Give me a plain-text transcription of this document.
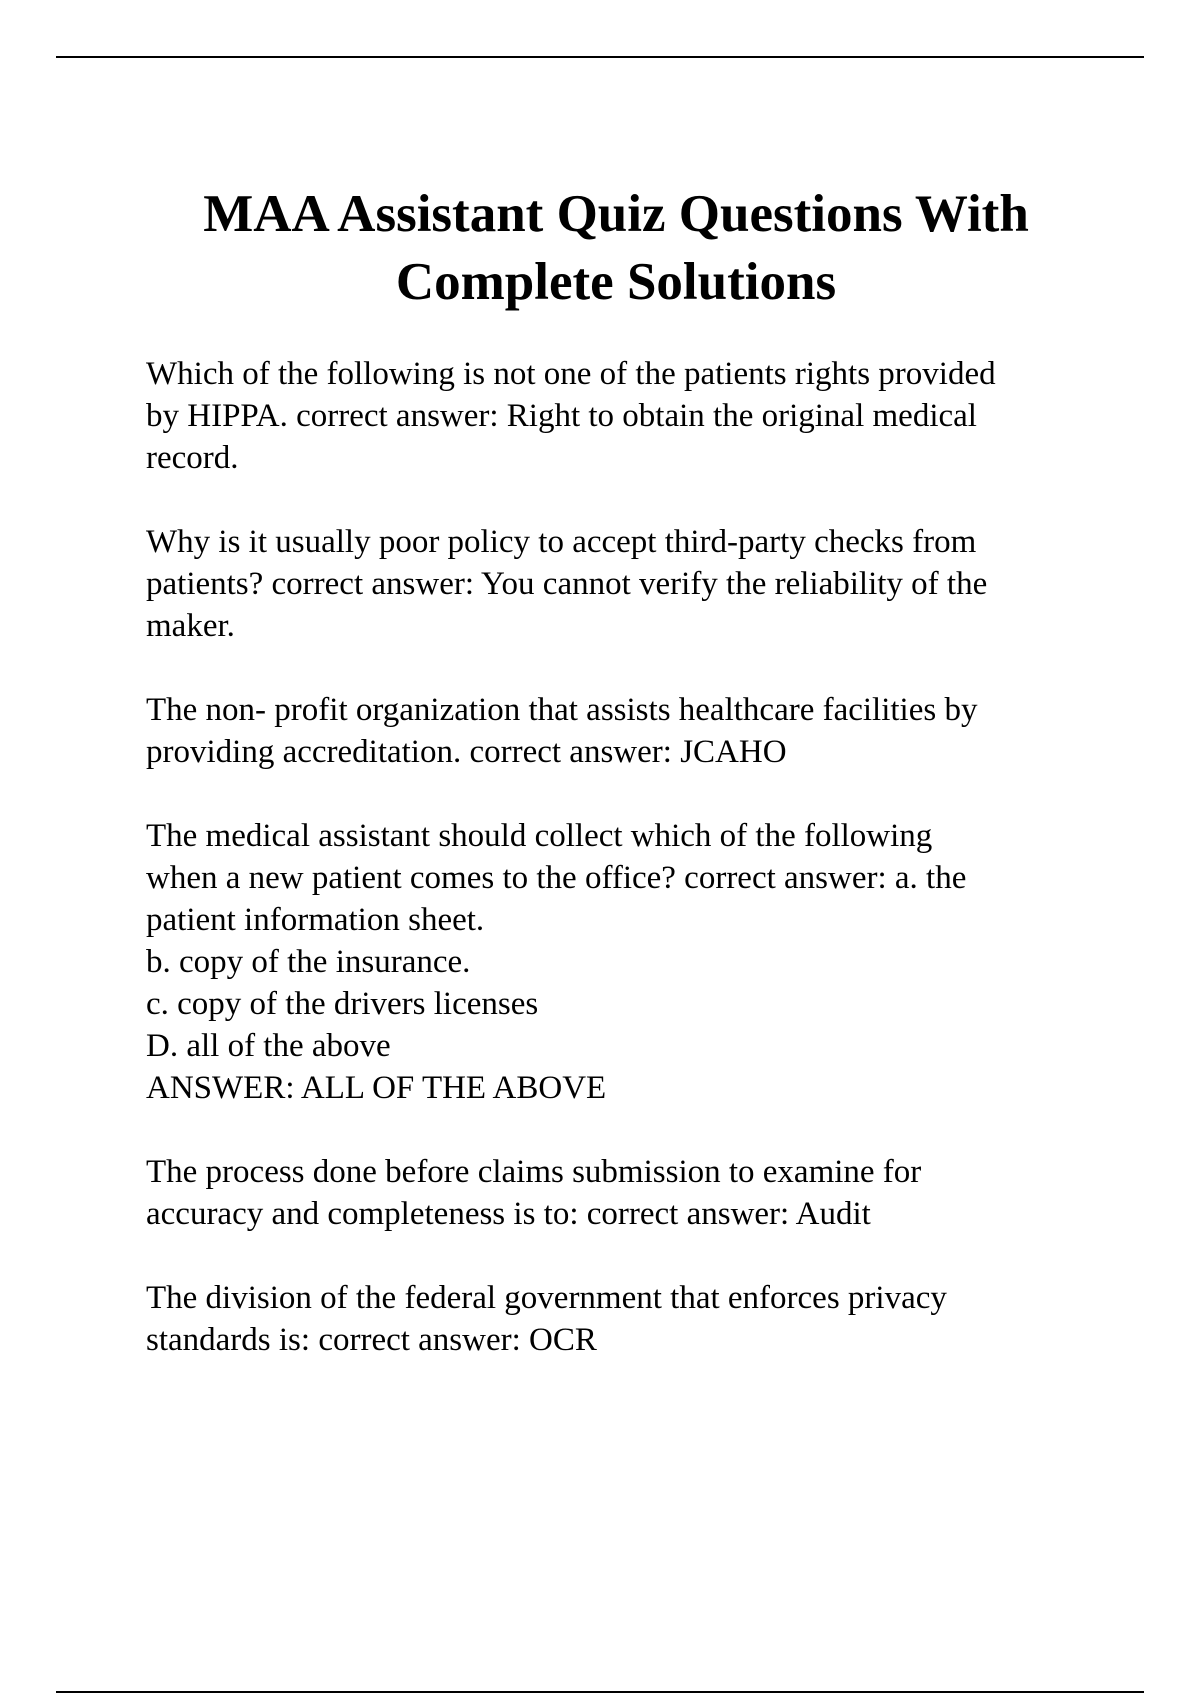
MAA Assistant Quiz Questions With
Complete Solutions

Which of the following is not one of the patients rights provided
by HIPPA. correct answer: Right to obtain the original medical
record.

Why is it usually poor policy to accept third-party checks from
patients? correct answer: You cannot verify the reliability of the
maker.

The non- profit organization that assists healthcare facilities by
providing accreditation. correct answer: JCAHO

The medical assistant should collect which of the following
when a new patient comes to the office? correct answer: a. the
patient information sheet.
b. copy of the insurance.
c. copy of the drivers licenses
D. all of the above
ANSWER: ALL OF THE ABOVE

The process done before claims submission to examine for
accuracy and completeness is to: correct answer: Audit

The division of the federal government that enforces privacy
standards is: correct answer: OCR
